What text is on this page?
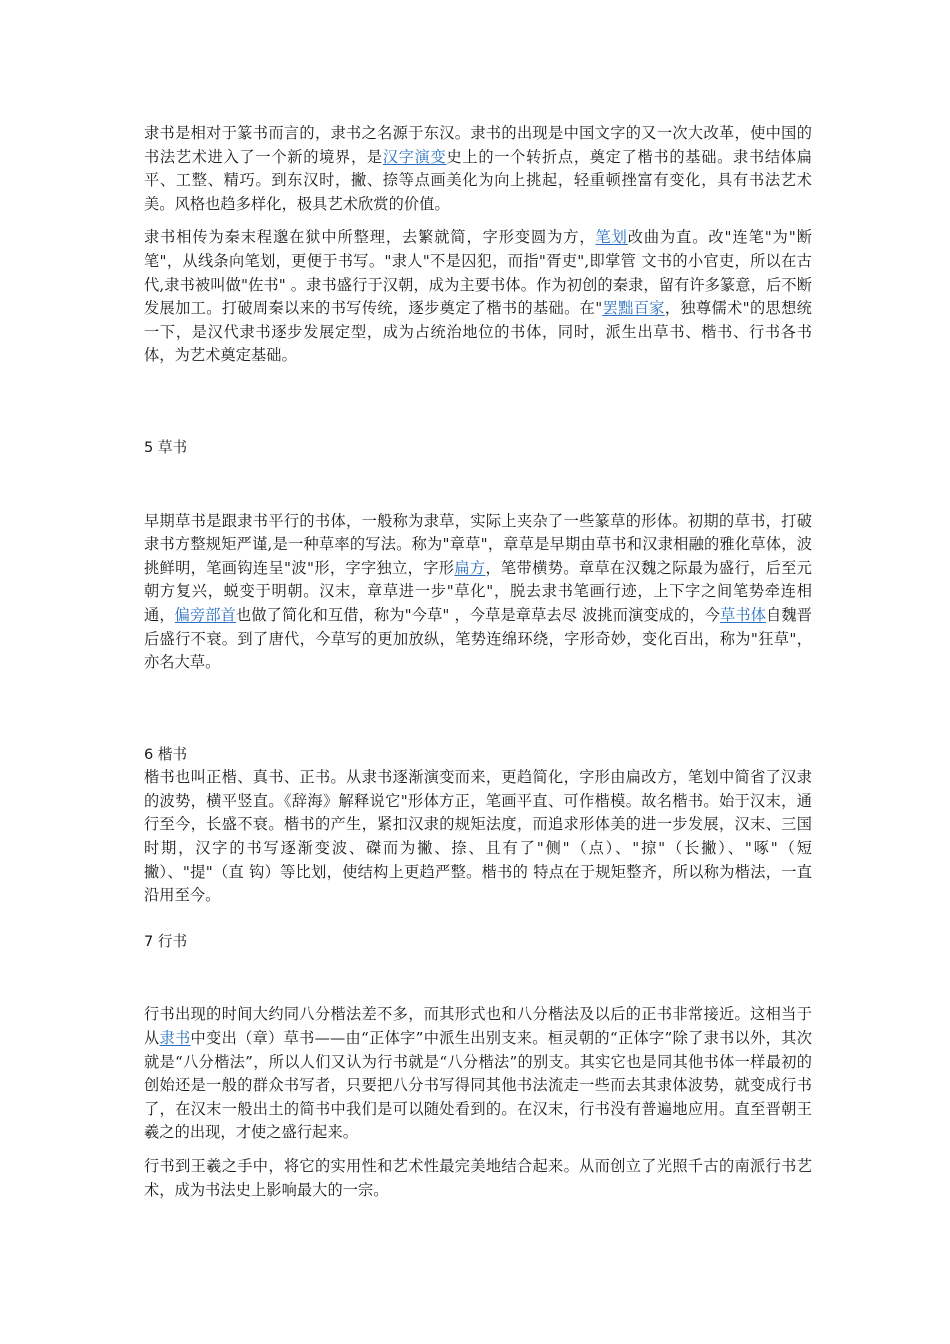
隶书是相对于篆书而言的，隶书之名源于东汉。隶书的出现是中国文字的又一次大改革，使中国的 书法艺术进入了一个新的境界，是汉字演变史上的一个转折点，奠定了楷书的基础。隶书结体扁平、工整、精巧。到东汉时，撇、捺等点画美化为向上挑起，轻重顿挫富有变化，具有书法艺术美。风格也趋多样化，极具艺术欣赏的价值。

隶书相传为秦末程邈在狱中所整理，去繁就简，字形变圆为方，笔划改曲为直。改"连笔"为"断笔"，从线条向笔划，更便于书写。"隶人"不是囚犯，而指"胥吏",即掌管 文书的小官吏，所以在古代,隶书被叫做"佐书" 。隶书盛行于汉朝，成为主要书体。作为初创的秦隶，留有许多篆意，后不断发展加工。打破周秦以来的书写传统，逐步奠定了楷书的基础。在"罢黜百家，独尊儒术"的思想统一下，是汉代隶书逐步发展定型，成为占统治地位的书体，同时，派生出草书、楷书、行书各书体，为艺术奠定基础。

5 草书

早期草书是跟隶书平行的书体，一般称为隶草，实际上夹杂了一些篆草的形体。初期的草书，打破隶书方整规矩严谨,是一种草率的写法。称为"章草"，章草是早期由草书和汉隶相融的雅化草体，波挑鲜明，笔画钩连呈"波"形，字字独立，字形扁方，笔带横势。章草在汉魏之际最为盛行，后至元朝方复兴，蜕变于明朝。汉末，章草进一步"草化"，脱去隶书笔画行迹，上下字之间笔势牵连相通，偏旁部首也做了简化和互借，称为"今草" ，今草是章草去尽 波挑而演变成的，今草书体自魏晋后盛行不衰。到了唐代，今草写的更加放纵，笔势连绵环绕，字形奇妙，变化百出，称为"狂草"，亦名大草。

6 楷书

楷书也叫正楷、真书、正书。从隶书逐渐演变而来，更趋简化，字形由扁改方，笔划中简省了汉隶的波势，横平竖直。《辞海》解释说它"形体方正，笔画平直、可作楷模。故名楷书。始于汉末，通行至今，长盛不衰。楷书的产生，紧扣汉隶的规矩法度，而追求形体美的进一步发展，汉末、三国时期，汉字的书写逐渐变波、磔而为撇、捺、且有了"侧"（点）、"掠"（长撇）、"啄"（短撇）、"提"（直 钩）等比划，使结构上更趋严整。楷书的 特点在于规矩整齐，所以称为楷法，一直沿用至今。

7 行书

行书出现的时间大约同八分楷法差不多，而其形式也和八分楷法及以后的正书非常接近。这相当于从隶书中变出（章）草书——由“正体字”中派生出别支来。桓灵朝的“正体字”除了隶书以外，其次就是“八分楷法”，所以人们又认为行书就是“八分楷法”的别支。其实它也是同其他书体一样最初的创始还是一般的群众书写者，只要把八分书写得同其他书法流走一些而去其隶体波势，就变成行书了，在汉末一般出土的简书中我们是可以随处看到的。在汉末，行书没有普遍地应用。直至晋朝王羲之的出现，才使之盛行起来。

行书到王羲之手中，将它的实用性和艺术性最完美地结合起来。从而创立了光照千古的南派行书艺术，成为书法史上影响最大的一宗。
